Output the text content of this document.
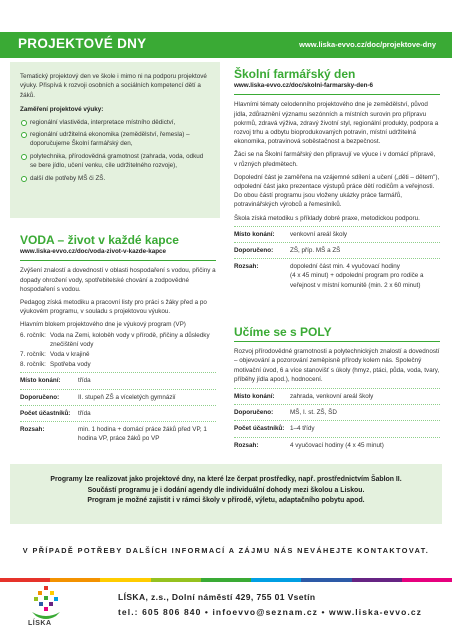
PROJEKTOVÉ DNY	www.liska-evvo.cz/doc/projektove-dny

Tematický projektový den ve škole i mimo ni na podporu projektové výuky. Přispívá k rozvoji osobních a sociálních kompetencí dětí a žáků.

Zaměření projektové výuky:
regionální vlastivěda, interpretace místního dědictví,
regionální udržitelná ekonomika (zemědělství, řemesla) – doporučujeme Školní farmářský den,
polytechnika, přírodovědná gramotnost (zahrada, voda, odkud se bere jídlo, učení venku, cíle udržitelného rozvoje),
další dle potřeby MŠ či ZŠ.
VODA – život v každé kapce
www.liska-evvo.cz/doc/voda-zivot-v-kazde-kapce

Zvýšení znalostí a dovedností v oblasti hospodaření s vodou, přičiny a dopady ohrožení vody, spotřebitelské chování a zodpovědné hospodaření s vodou.

Pedagog získá metodiku a pracovní listy pro práci s žáky před a po výukovém programu, v souladu s projektovou výukou.

Hlavním blokem projektového dne je výukový program (VP)

6. ročník: Voda na Zemi, koloběh vody v přírodě, přičiny a důsledky znečištění vody
7. ročník: Voda v krajině
8. ročník: Spotřeba vody
Místo konání:	třída
Doporučeno:	II. stupeň ZŠ a víceletých gymnázií
Počet účastníků:	třída
Rozsah:	min. 1 hodina + domácí práce žáků před VP, 1 hodina VP, práce žáků po VP
Školní farmářský den
www.liska-evvo.cz/doc/skolni-farmarsky-den-6

Hlavními tématy celodenního projektového dne je zemědělství, původ jídla, zdůraznění významu sezónních a místních surovin pro přípravu pokrmů, zdravá výživa, zdravý životní styl, regionální produkty, podpora a rozvoj trhu a odbytu bioprodukovaných potravin, místní udržitelná ekonomika, potravinová soběstačnost a bezpečnost.

Žáci se na Školní farmářský den připravují ve výuce i v domácí přípravě, v různých předmětech.

Dopolední část je zaměřena na vzájemné sdílení a učení („děti – dětem"), odpolední část jako prezentace výstupů práce dětí rodičům a veřejnosti. Do obou částí programu jsou vloženy ukázky práce farmářů, potravinářských výrobců a řemeslníků.

Škola získá metodiku s příklady dobré praxe, metodickou podporu.

Místo konání:	venkovní areál školy
Doporučeno:	ZŠ, příp. MŠ a ZŠ
Rozsah:	dopolední část min. 4 vyučovací hodiny
(4 x 45 minut) + odpolední program pro rodiče a veřejnost v místní komunitě (min. 2 x 60 minut)
Učíme se s POLY

Rozvoj přírodovědné gramotnosti a polytechnických znalostí a dovedností – objevování a pozorování zeměpisně přírody kolem nás. Společný motivační úvod, 6 a více stanovišť s úkoly (hmyz, ptáci, půda, voda, tvary, příběhy jídla apod.), hodnocení.

Místo konání:	zahrada, venkovní areál školy
Doporučeno:	MŠ, I. st. ZŠ, ŠD
Počet účastníků: 1–4 třídy
Rozsah:	4 vyučovací hodiny (4 x 45 minut)
Programy lze realizovat jako projektové dny, na které lze čerpat prostředky, např. prostřednictvím Šablon II.
Součástí programu je i dodání agendy dle individuální dohody mezi školou a Liskou.
Program je možné zajistit i v rámci školy v přírodě, výletu, adaptačního pobytu apod.
V PŘÍPADĚ POTŘEBY DALŠÍCH INFORMACÍ A ZÁJMU NÁS NEVÁHEJTE KONTAKTOVAT.
LÍSKA
LÍSKA, z.s., Dolní náměstí 429, 755 01 Vsetín
tel.: 605 806 840 • infoevvo@seznam.cz • www.liska-evvo.cz
